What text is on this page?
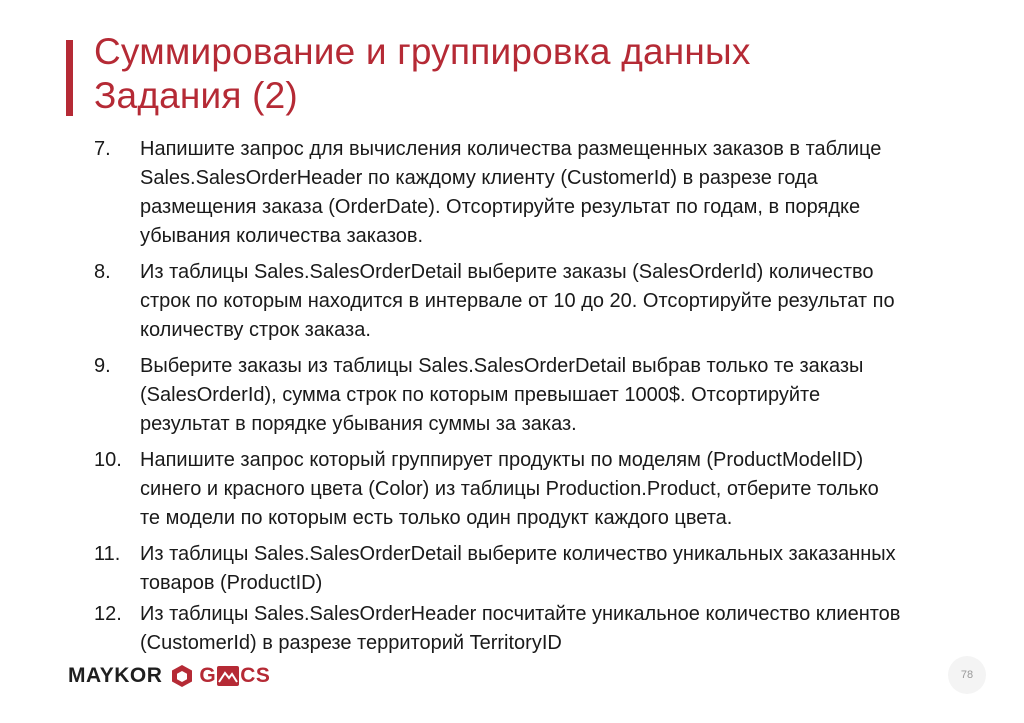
Суммирование и группировка данных
Задания (2)
7. Напишите запрос для вычисления количества размещенных заказов в таблице
Sales.SalesOrderHeader по каждому клиенту (CustomerId) в разрезе года
размещения заказа (OrderDate). Отсортируйте результат по годам, в порядке
убывания количества заказов.
8. Из таблицы Sales.SalesOrderDetail выберите заказы (SalesOrderId) количество
строк по которым находится в интервале от 10 до 20. Отсортируйте результат по
количеству строк заказа.
9. Выберите заказы из таблицы Sales.SalesOrderDetail выбрав только те заказы
(SalesOrderId), сумма строк по которым превышает 1000$. Отсортируйте
результат в порядке убывания суммы за заказ.
10. Напишите запрос который группирует продукты по моделям (ProductModelID)
синего и красного цвета (Color) из таблицы Production.Product, отберите только
те модели по которым есть только один продукт каждого цвета.
11. Из таблицы Sales.SalesOrderDetail выберите количество уникальных заказанных
товаров (ProductID)
12. Из таблицы Sales.SalesOrderHeader посчитайте уникальное количество клиентов
(CustomerId) в разрезе территорий TerritoryID
MAYKOR G CS	78
